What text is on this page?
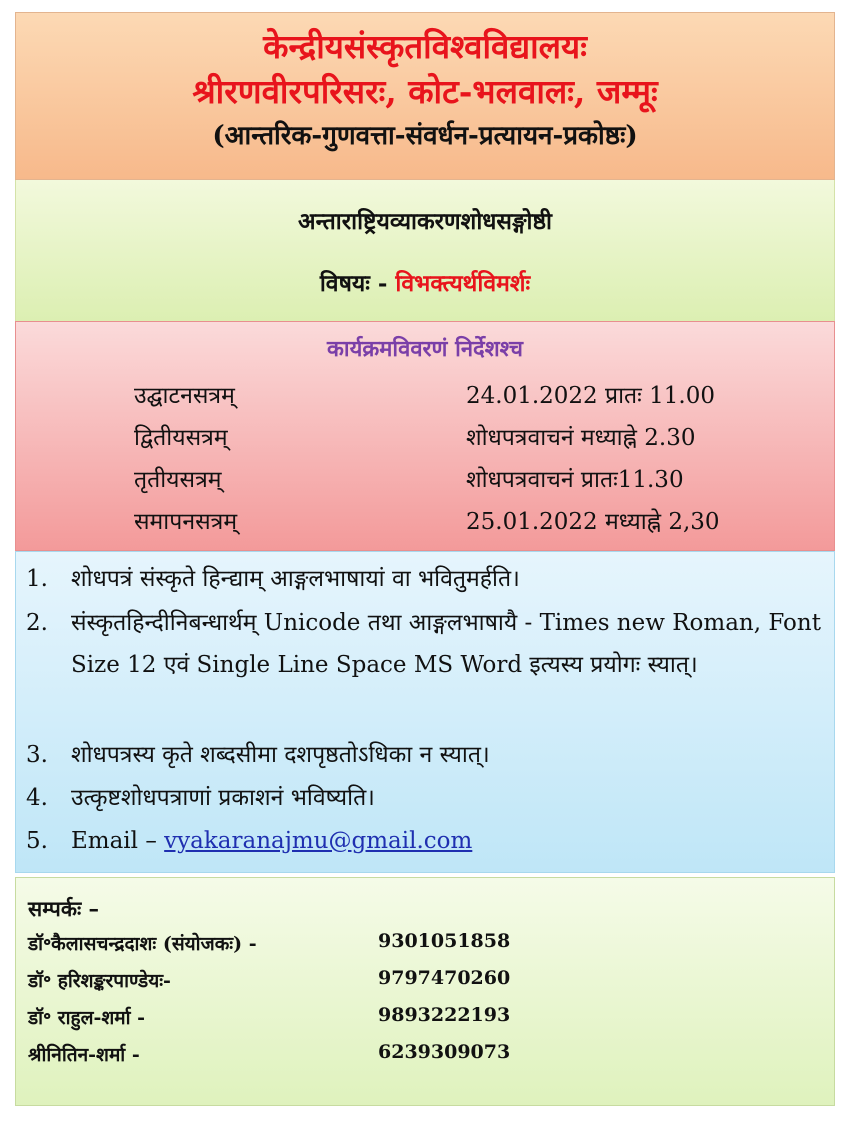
केन्द्रीयसंस्कृतविश्वविद्यालयः
श्रीरणवीरपरिसरः, कोट-भलवालः, जम्मूः
(आन्तरिक-गुणवत्ता-संवर्धन-प्रत्यायन-प्रकोष्ठः)
अन्ताराष्ट्रियव्याकरणशोधसङ्गोष्ठी
विषयः - विभक्त्यर्थविमर्शः
कार्यक्रमविवरणं निर्देशश्च
उद्घाटनसत्रम्	24.01.2022 प्रातः 11.00
द्वितीयसत्रम्	शोधपत्रवाचनं मध्याह्ने 2.30
तृतीयसत्रम्	शोधपत्रवाचनं प्रातः11.30
समापनसत्रम्	25.01.2022 मध्याह्ने 2,30
1. शोधपत्रं संस्कृते हिन्द्याम् आङ्गलभाषायां वा भवितुमर्हति।
2. संस्कृतहिन्दीनिबन्धार्थम् Unicode तथा आङ्गलभाषायै - Times new Roman, Font Size 12 एवं Single Line Space MS Word इत्यस्य प्रयोगः स्यात्।
3. शोधपत्रस्य कृते शब्दसीमा दशपृष्ठतोऽधिका न स्यात्।
4. उत्कृष्टशोधपत्राणां प्रकाशनं भविष्यति।
5. Email – vyakaranajmu@gmail.com
सम्पर्कः –
डॉ॰कैलासचन्द्रदाशः (संयोजकः) -	9301051858
डॉ॰ हरिशङ्करपाण्डेयः-	9797470260
डॉ॰ राहुल-शर्मा -	9893222193
श्रीनितिन-शर्मा -	6239309073
